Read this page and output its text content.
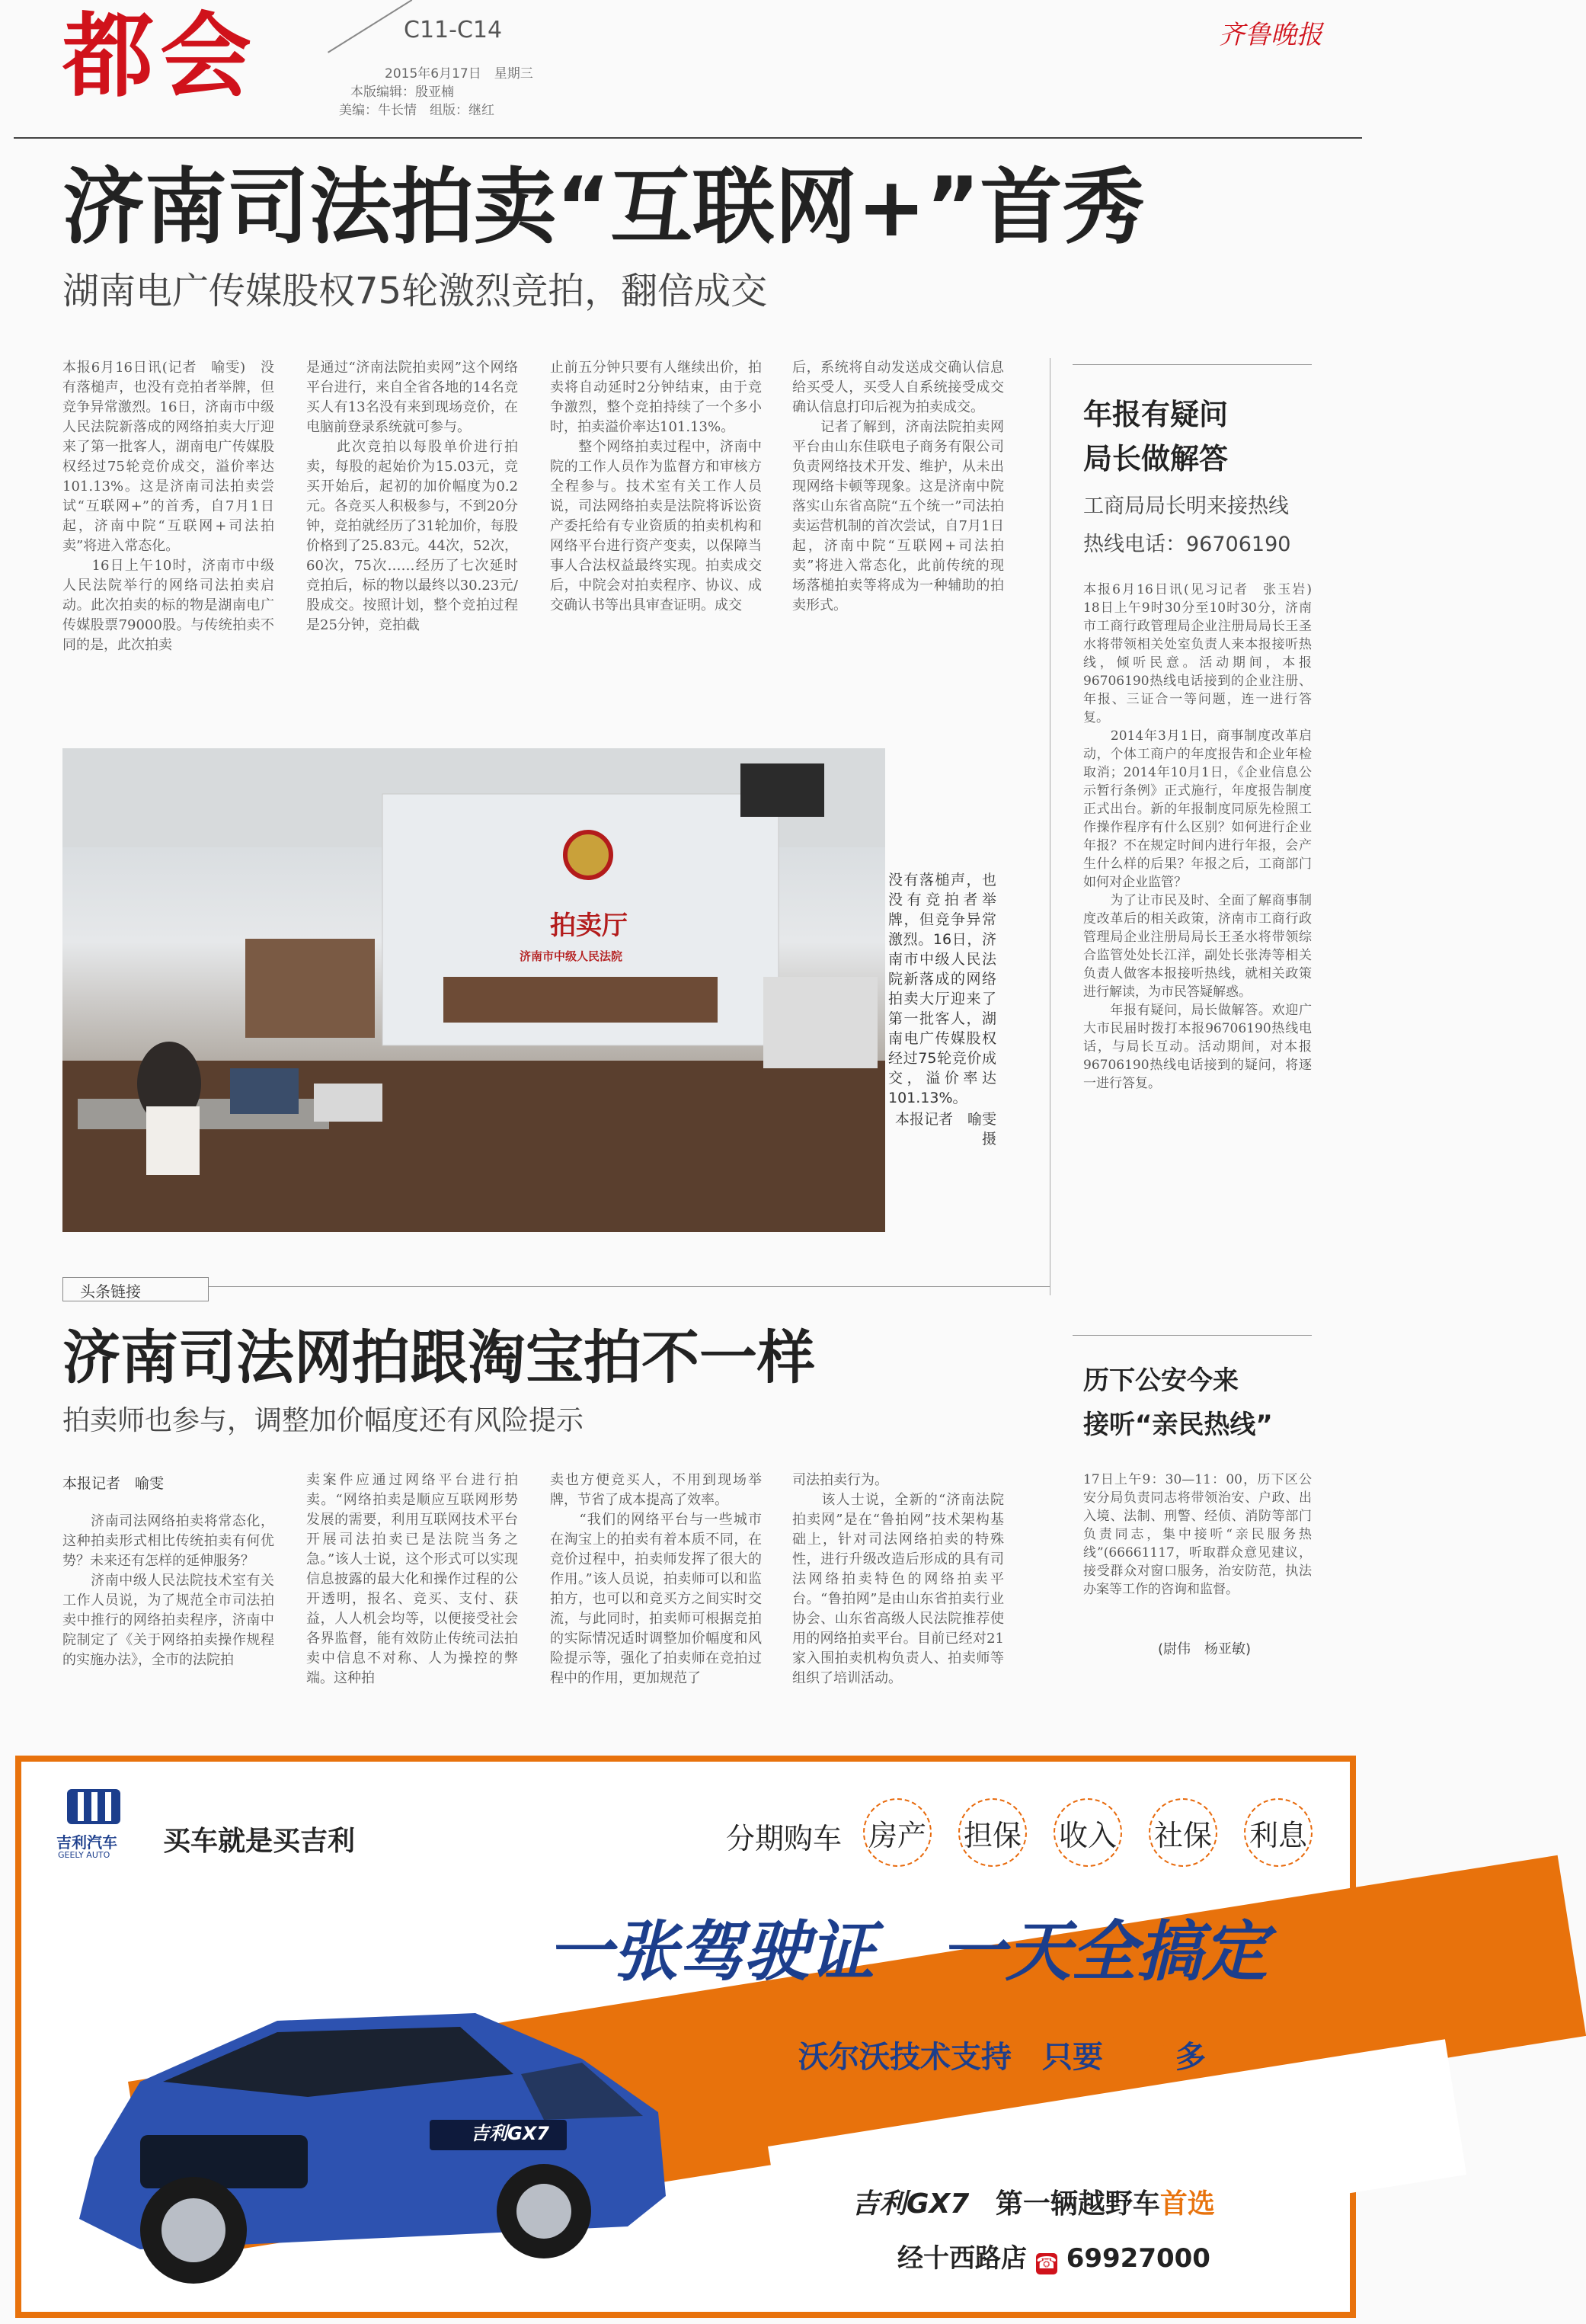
都会	C11-C14
2015年6月17日　星期三
本版编辑：殷亚楠
美编：牛长情　组版：继红
齐鲁晚报
济南司法拍卖“互联网+”首秀
湖南电广传媒股权75轮激烈竞拍，翻倍成交
本报6月16日讯(记者　喻雯)　没有落槌声，也没有竞拍者举牌，但竞争异常激烈。16日，济南市中级人民法院新落成的网络拍卖大厅迎来了第一批客人，湖南电广传媒股权经过75轮竞价成交，溢价率达101.13%。这是济南司法拍卖尝试“互联网+”的首秀，自7月1日起，济南中院“互联网+司法拍卖”将进入常态化。
　　16日上午10时，济南市中级人民法院举行的网络司法拍卖启动。此次拍卖的标的物是湖南电广传媒股票79000股。与传统拍卖不同的是，此次拍卖
是通过“济南法院拍卖网”这个网络平台进行，来自全省各地的14名竞买人有13名没有来到现场竞价，在电脑前登录系统就可参与。
　　此次竞拍以每股单价进行拍卖，每股的起始价为15.03元，竞买开始后，起初的加价幅度为0.2元。各竞买人积极参与，不到20分钟，竞拍就经历了31轮加价，每股价格到了25.83元。44次，52次，60次，75次……经历了七次延时竞拍后，标的物以最终以30.23元/股成交。按照计划，整个竞拍过程是25分钟，竞拍截
止前五分钟只要有人继续出价，拍卖将自动延时2分钟结束，由于竞争激烈，整个竞拍持续了一个多小时，拍卖溢价率达101.13%。
　　整个网络拍卖过程中，济南中院的工作人员作为监督方和审核方全程参与。技术室有关工作人员说，司法网络拍卖是法院将诉讼资产委托给有专业资质的拍卖机构和网络平台进行资产变卖，以保障当事人合法权益最终实现。拍卖成交后，中院会对拍卖程序、协议、成交确认书等出具审查证明。成交
后，系统将自动发送成交确认信息给买受人，买受人自系统接受成交确认信息打印后视为拍卖成交。
　　记者了解到，济南法院拍卖网平台由山东佳联电子商务有限公司负责网络技术开发、维护，从未出现网络卡顿等现象。这是济南中院落实山东省高院“五个统一”司法拍卖运营机制的首次尝试，自7月1日起，济南中院“互联网+司法拍卖”将进入常态化，此前传统的现场落槌拍卖等将成为一种辅助的拍卖形式。
拍卖厅
济南市中级人民法院
没有落槌声，也没有竞拍者举牌，但竞争异常激烈。16日，济南市中级人民法院新落成的网络拍卖大厅迎来了第一批客人，湖南电广传媒股权经过75轮竞价成交，溢价率达101.13%。
本报记者　喻雯　摄
年报有疑问
局长做解答
工商局局长明来接热线
热线电话：96706190
本报6月16日讯(见习记者　张玉岩)　18日上午9时30分至10时30分，济南市工商行政管理局企业注册局局长王圣水将带领相关处室负责人来本报接听热线，倾听民意。活动期间，本报96706190热线电话接到的企业注册、年报、三证合一等问题，连一进行答复。
　　2014年3月1日，商事制度改革启动，个体工商户的年度报告和企业年检取消；2014年10月1日，《企业信息公示暂行条例》正式施行，年度报告制度正式出台。新的年报制度同原先检照工作操作程序有什么区别？如何进行企业年报？不在规定时间内进行年报，会产生什么样的后果？年报之后，工商部门如何对企业监管？
　　为了让市民及时、全面了解商事制度改革后的相关政策，济南市工商行政管理局企业注册局局长王圣水将带领综合监管处处长江洋，副处长张涛等相关负责人做客本报接听热线，就相关政策进行解读，为市民答疑解惑。
　　年报有疑问，局长做解答。欢迎广大市民届时拨打本报96706190热线电话，与局长互动。活动期间，对本报96706190热线电话接到的疑问，将逐一进行答复。
头条链接
济南司法网拍跟淘宝拍不一样
拍卖师也参与，调整加价幅度还有风险提示
本报记者　喻雯
　　济南司法网络拍卖将常态化，这种拍卖形式相比传统拍卖有何优势？未来还有怎样的延伸服务？
　　济南中级人民法院技术室有关工作人员说，为了规范全市司法拍卖中推行的网络拍卖程序，济南中院制定了《关于网络拍卖操作规程的实施办法》，全市的法院拍
卖案件应通过网络平台进行拍卖。“网络拍卖是顺应互联网形势发展的需要，利用互联网技术平台开展司法拍卖已是法院当务之急。”该人士说，这个形式可以实现信息披露的最大化和操作过程的公开透明，报名、竞买、支付、获益，人人机会均等，以便接受社会各界监督，能有效防止传统司法拍卖中信息不对称、人为操控的弊端。这种拍
卖也方便竞买人，不用到现场举牌，节省了成本提高了效率。
　　“我们的网络平台与一些城市在淘宝上的拍卖有着本质不同，在竞价过程中，拍卖师发挥了很大的作用。”该人员说，拍卖师可以和监拍方，也可以和竞买方之间实时交流，与此同时，拍卖师可根据竞拍的实际情况适时调整加价幅度和风险提示等，强化了拍卖师在竞拍过程中的作用，更加规范了
司法拍卖行为。
　　该人士说，全新的“济南法院拍卖网”是在“鲁拍网”技术架构基础上，针对司法网络拍卖的特殊性，进行升级改造后形成的具有司法网络拍卖特色的网络拍卖平台。“鲁拍网”是由山东省拍卖行业协会、山东省高级人民法院推荐使用的网络拍卖平台。目前已经对21家入围拍卖机构负责人、拍卖师等组织了培训活动。
历下公安今来
接听“亲民热线”
17日上午9：30—11：00，历下区公安分局负责同志将带领治安、户政、出入境、法制、刑警、经侦、消防等部门负责同志，集中接听“亲民服务热线”(66661117，听取群众意见建议，接受群众对窗口服务，治安防范，执法办案等工作的咨询和监督。
(尉伟　杨亚敏)
吉利汽车
GEELY AUTO 买车就是买吉利	分期购车 房产 担保 收入 社保 利息
一张驾驶证　一天全搞定
沃尔沃技术支持　只要6万多
吉利GX7
吉利GX7 第一辆越野车首选
经十西路店 ☎ 69927000
